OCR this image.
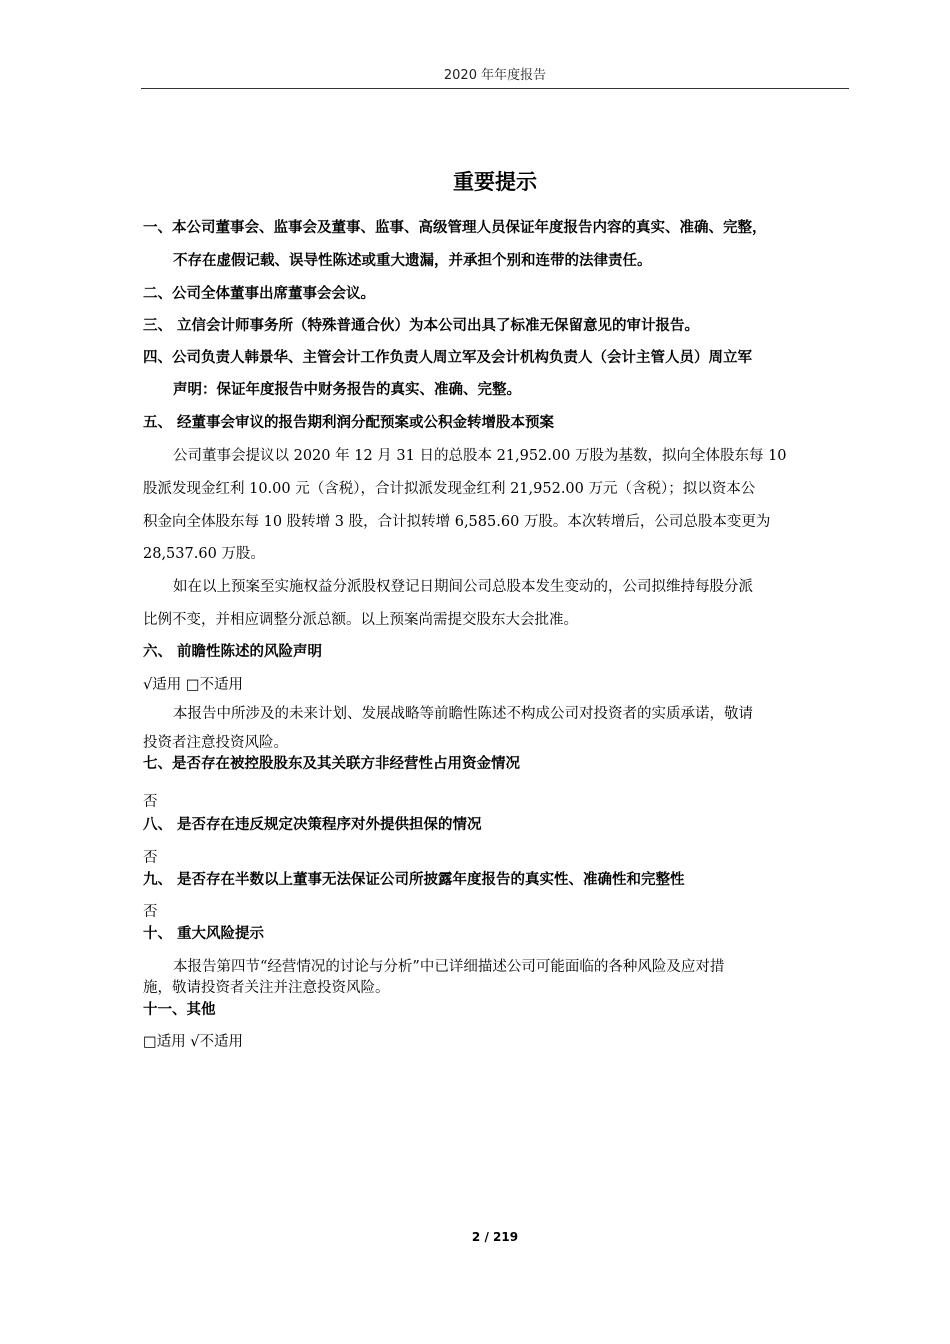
2020 年年度报告
重要提示
一、本公司董事会、监事会及董事、监事、高级管理人员保证年度报告内容的真实、准确、完整，
不存在虚假记载、误导性陈述或重大遗漏，并承担个别和连带的法律责任。
二、公司全体董事出席董事会会议。
三、 立信会计师事务所（特殊普通合伙）为本公司出具了标准无保留意见的审计报告。
四、公司负责人韩景华、主管会计工作负责人周立军及会计机构负责人（会计主管人员）周立军
声明：保证年度报告中财务报告的真实、准确、完整。
五、 经董事会审议的报告期利润分配预案或公积金转增股本预案
公司董事会提议以 2020 年 12 月 31 日的总股本 21,952.00 万股为基数，拟向全体股东每 10
股派发现金红利 10.00 元（含税），合计拟派发现金红利 21,952.00 万元（含税）；拟以资本公
积金向全体股东每 10 股转增 3 股，合计拟转增 6,585.60 万股。本次转增后，公司总股本变更为
28,537.60 万股。
如在以上预案至实施权益分派股权登记日期间公司总股本发生变动的，公司拟维持每股分派
比例不变，并相应调整分派总额。以上预案尚需提交股东大会批准。
六、 前瞻性陈述的风险声明
√适用 □不适用
本报告中所涉及的未来计划、发展战略等前瞻性陈述不构成公司对投资者的实质承诺，敬请
投资者注意投资风险。
七、是否存在被控股股东及其关联方非经营性占用资金情况
否
八、 是否存在违反规定决策程序对外提供担保的情况
否
九、 是否存在半数以上董事无法保证公司所披露年度报告的真实性、准确性和完整性
否
十、 重大风险提示
本报告第四节“经营情况的讨论与分析”中已详细描述公司可能面临的各种风险及应对措
施，敬请投资者关注并注意投资风险。
十一、其他
□适用 √不适用
2 / 219
